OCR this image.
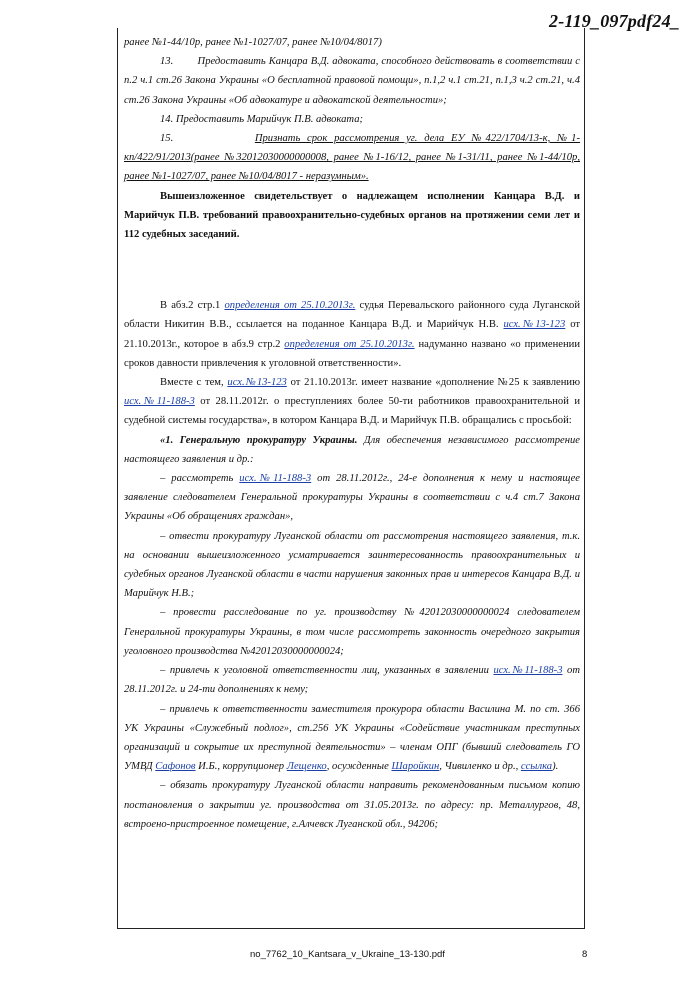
2-119_097pdf24_

ранее №1-44/10р, ранее №1-1027/07, ранее №10/04/8017)

13. Предоставить Канцара В.Д. адвоката, способного действовать в соответствии с п.2 ч.1 ст.26 Закона Украины «О бесплатной правовой помощи», п.1,2 ч.1 ст.21, п.1,3 ч.2 ст.21, ч.4 ст.26 Закона Украины «Об адвокатуре и адвокатской деятельности»;

14. Предоставить Марийчук П.В. адвоката;

15.	Признать срок рассмотрения уг. дела ЕУ №422/1704/13-к, №1-кп/422/91/2013(ранее №32012030000000008, ранее №1-16/12, ранее №1-31/11, ранее №1-44/10р, ранее №1-1027/07, ранее №10/04/8017 - неразумным».

Вышеизложенное свидетельствует о надлежащем исполнении Канцара В.Д. и Марийчук П.В. требований правоохранительно-судебных органов на протяжении семи лет и 112 судебных заседаний.

В абз.2 стр.1 определения от 25.10.2013г. судья Перевальского районного суда Луганской области Никитин В.В., ссылается на поданное Канцара В.Д. и Марийчук Н.В. исх.№13-123 от 21.10.2013г., которое в абз.9 стр.2 определения от 25.10.2013г. надуманно названо «о применении сроков давности привлечения к уголовной ответственности».

Вместе с тем, исх.№13-123 от 21.10.2013г. имеет название «дополнение №25 к заявлению исх.№11-188-3 от 28.11.2012г. о преступлениях более 50-ти работников правоохранительной и судебной системы государства», в котором Канцара В.Д. и Марийчук П.В. обращались с просьбой:

«1. Генеральную прокуратуру Украины. Для обеспечения независимого рассмотрение настоящего заявления и др.:

– рассмотреть исх.№11-188-3 от 28.11.2012г., 24-е дополнения к нему и настоящее заявление следователем Генеральной прокуратуры Украины в соответствии с ч.4 ст.7 Закона Украины «Об обращениях граждан»,

– отвести прокуратуру Луганской области от рассмотрения настоящего заявления, т.к. на основании вышеизложенного усматривается заинтересованность правоохранительных и судебных органов Луганской области в части нарушения законных прав и интересов Канцара В.Д. и Марийчук Н.В.;

– провести расследование по уг. производству №42012030000000024 следователем Генеральной прокуратуры Украины, в том числе рассмотреть законность очередного закрытия уголовного производства №42012030000000024;

– привлечь к уголовной ответственности лиц, указанных в заявлении исх.№11-188-3 от 28.11.2012г. и 24-ти дополнениях к нему;

– привлечь к ответственности заместителя прокурора области Василина М. по ст. 366 УК Украины «Служебный подлог», ст.256 УК Украины «Содействие участникам преступных организаций и сокрытие их преступной деятельности» – членам ОПГ (бывший следователь ГО УМВД Сафонов И.Б., коррупционер Лещенко, осужденные Шаройкин, Чивиленко и др., ссылка).

– обязать прокуратуру Луганской области направить рекомендованным письмом копию постановления о закрытии уг. производства от 31.05.2013г. по адресу: пр. Металлургов, 48, встроено-пристроенное помещение, г.Алчевск Луганской обл., 94206;

no_7762_10_Kantsara_v_Ukraine_13-130.pdf	8
